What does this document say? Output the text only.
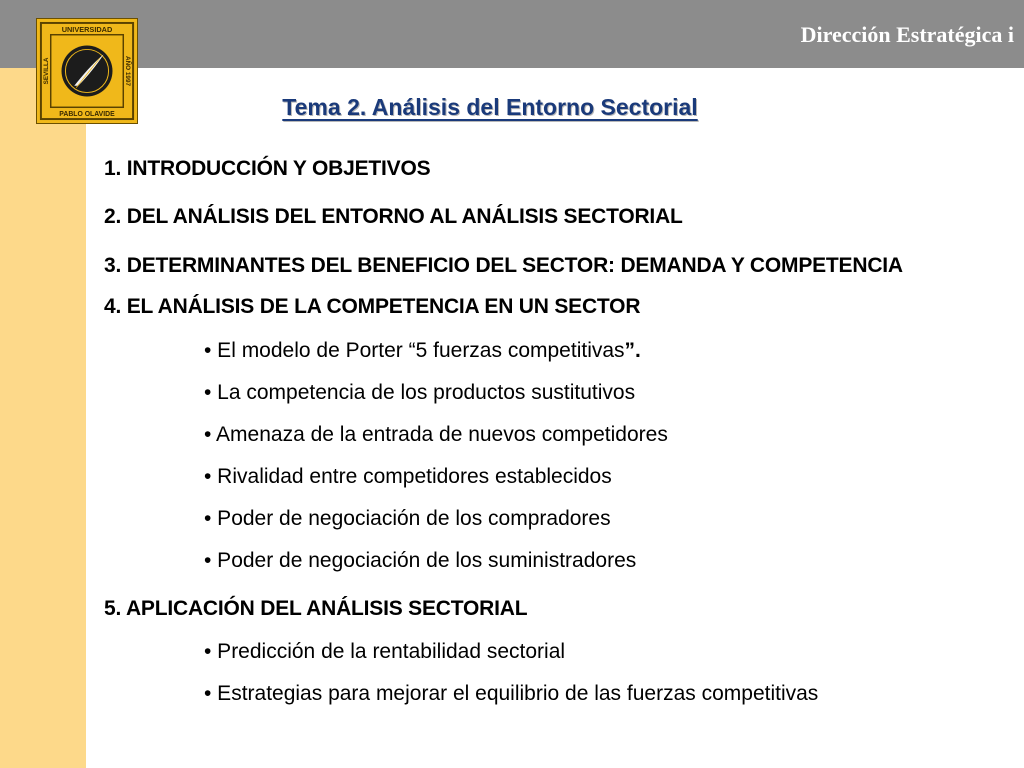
Dirección Estratégica i
UNIVERSIDAD
PABLO OLAVIDE
SEVILLA	AÑO 1997
Tema 2. Análisis del Entorno Sectorial
1. INTRODUCCIÓN Y OBJETIVOS
2. DEL ANÁLISIS DEL ENTORNO AL ANÁLISIS SECTORIAL
3. DETERMINANTES DEL BENEFICIO DEL SECTOR: DEMANDA Y COMPETENCIA
4. EL ANÁLISIS DE LA COMPETENCIA EN UN SECTOR
• El modelo de Porter “5 fuerzas competitivas”.
• La competencia de los productos sustitutivos
• Amenaza de la entrada de nuevos competidores
• Rivalidad entre competidores establecidos
• Poder de negociación de los compradores
• Poder de negociación de los suministradores
5. APLICACIÓN DEL ANÁLISIS SECTORIAL
• Predicción de la rentabilidad sectorial
• Estrategias para mejorar el equilibrio de las fuerzas competitivas
